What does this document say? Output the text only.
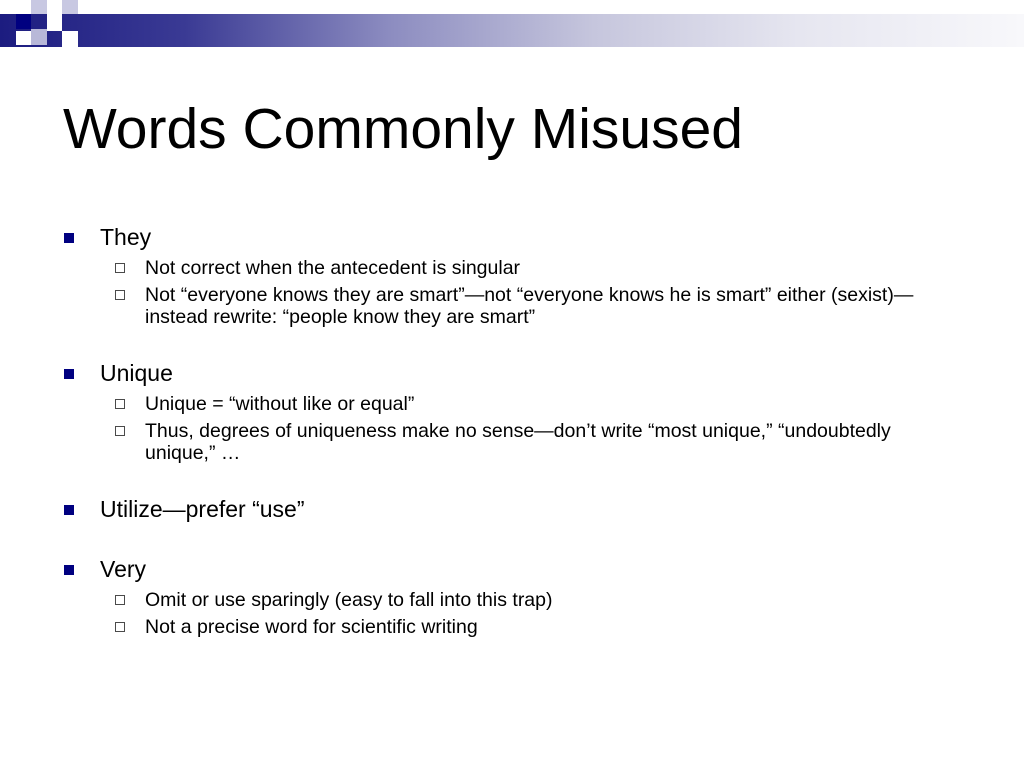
Words Commonly Misused
They
Not correct when the antecedent is singular
Not “everyone knows they are smart”—not “everyone knows he is smart” either (sexist)—instead rewrite: “people know they are smart”
Unique
Unique = “without like or equal”
Thus, degrees of uniqueness make no sense—don’t write “most unique,” “undoubtedly unique,” …
Utilize—prefer “use”
Very
Omit or use sparingly (easy to fall into this trap)
Not a precise word for scientific writing
